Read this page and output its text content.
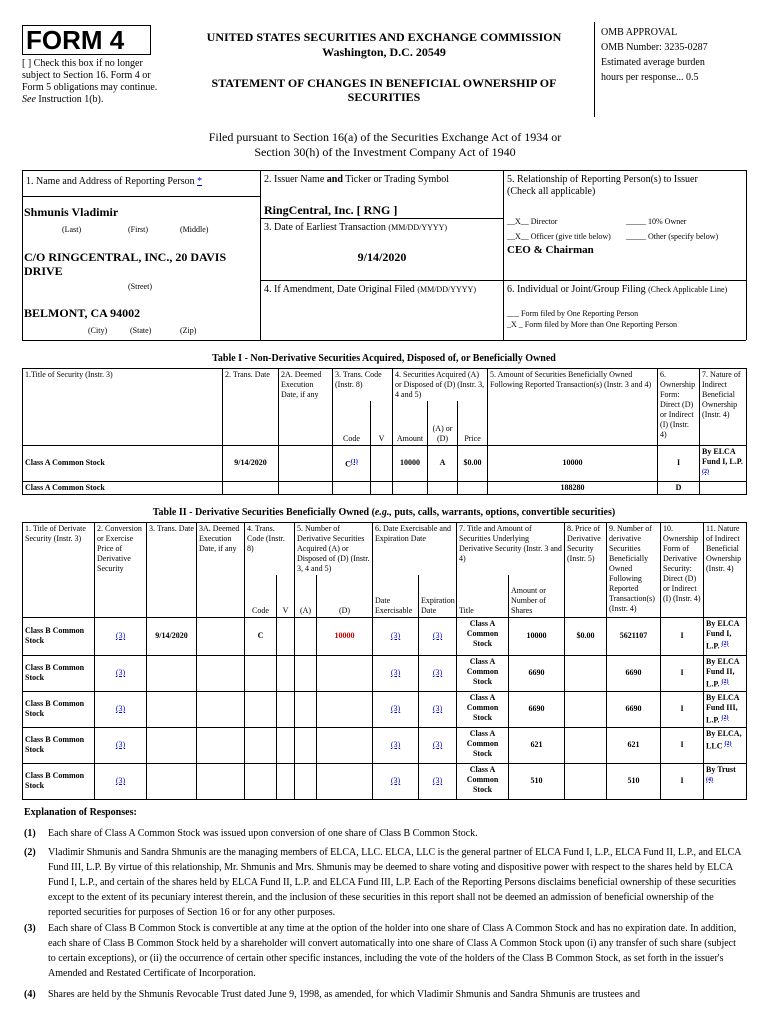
FORM 4
[ ] Check this box if no longer subject to Section 16. Form 4 or Form 5 obligations may continue. See Instruction 1(b).
UNITED STATES SECURITIES AND EXCHANGE COMMISSION
Washington, D.C. 20549
STATEMENT OF CHANGES IN BENEFICIAL OWNERSHIP OF SECURITIES
OMB APPROVAL
OMB Number: 3235-0287
Estimated average burden
hours per response... 0.5
Filed pursuant to Section 16(a) of the Securities Exchange Act of 1934 or
Section 30(h) of the Investment Company Act of 1940
1. Name and Address of Reporting Person *
Shmunis Vladimir
(Last)	(First)	(Middle)
C/O RINGCENTRAL, INC., 20 DAVIS DRIVE
(Street)
BELMONT, CA 94002
(City)	(State)	(Zip)
2. Issuer Name and Ticker or Trading Symbol
RingCentral, Inc. [ RNG ]
3. Date of Earliest Transaction (MM/DD/YYYY)
9/14/2020
4. If Amendment, Date Original Filed (MM/DD/YYYY)
5. Relationship of Reporting Person(s) to Issuer
(Check all applicable)
__X__ Director	_____ 10% Owner
__X__ Officer (give title below) _____ Other (specify below)
CEO & Chairman
6. Individual or Joint/Group Filing (Check Applicable Line)
___ Form filed by One Reporting Person
_X _ Form filed by More than One Reporting Person
Table I - Non-Derivative Securities Acquired, Disposed of, or Beneficially Owned
1.Title of Security (Instr. 3)	2. Trans. Date	2A. Deemed Execution Date, if any	3. Trans. Code (Instr. 8)		4. Securities Acquired (A) or Disposed of (D) (Instr. 3, 4 and 5)			5. Amount of Securities Beneficially Owned Following Reported Transaction(s) (Instr. 3 and 4)	6. Ownership Form: Direct (D) or Indirect (I) (Instr. 4)	7. Nature of Indirect Beneficial Ownership (Instr. 4)
			Code	V	Amount	(A) or (D)	Price			
Class A Common Stock	9/14/2020		$C^{(1)}$		10000	A	$0.00	10000	I	By ELCA Fund I, L.P. $^{(2)}$
Class A Common Stock								188280	D	
Table II - Derivative Securities Beneficially Owned (e.g., puts, calls, warrants, options, convertible securities)
1. Title of Derivate Security (Instr. 3)	2. Conversion or Exercise Price of Derivative Security	3. Trans. Date	3A. Deemed Execution Date, if any	4. Trans. Code (Instr. 8)		5. Number of Derivative Securities Acquired (A) or Disposed of (D) (Instr. 3, 4 and 5)		6. Date Exercisable and Expiration Date		7. Title and Amount of Securities Underlying Derivative Security (Instr. 3 and 4)		8. Price of Derivative Security (Instr. 5)	9. Number of derivative Securities Beneficially Owned Following Reported Transaction(s) (Instr. 4)	10. Ownership Form of Derivative Security: Direct (D) or Indirect (I) (Instr. 4)	11. Nature of Indirect Beneficial Ownership (Instr. 4)
				Code	V	(A)	(D)	Date Exercisable	Expiration Date	Title	Amount or Number of Shares				
Class B Common Stock	(3)	9/14/2020		C			10000	(3)	(3)	Class A Common Stock	10000	$0.00	5621107	I	By ELCA Fund I, L.P. $^{(2)}$
Class B Common Stock	(3)							(3)	(3)	Class A Common Stock	6690		6690	I	By ELCA Fund II, L.P. $^{(2)}$
Class B Common Stock	(3)							(3)	(3)	Class A Common Stock	6690		6690	I	By ELCA Fund III, L.P. $^{(2)}$
Class B Common Stock	(3)							(3)	(3)	Class A Common Stock	621		621	I	By ELCA, LLC $^{(2)}$
Class B Common Stock	(3)							(3)	(3)	Class A Common Stock	510		510	I	By Trust $^{(4)}$
Explanation of Responses:
(1) Each share of Class A Common Stock was issued upon conversion of one share of Class B Common Stock.
(2) Vladimir Shmunis and Sandra Shmunis are the managing members of ELCA, LLC. ELCA, LLC is the general partner of ELCA Fund I, L.P., ELCA Fund II, L.P., and ELCA Fund III, L.P. By virtue of this relationship, Mr. Shmunis and Mrs. Shmunis may be deemed to share voting and dispositive power with respect to the shares held by ELCA Fund I, L.P., and certain of the shares held by ELCA Fund II, L.P. and ELCA Fund III, L.P. Each of the Reporting Persons disclaims beneficial ownership of these securities except to the extent of its pecuniary interest therein, and the inclusion of these securities in this report shall not be deemed an admission of beneficial ownership of the reported securities for purposes of Section 16 or for any other purposes.
(3) Each share of Class B Common Stock is convertible at any time at the option of the holder into one share of Class A Common Stock and has no expiration date. In addition, each share of Class B Common Stock held by a shareholder will convert automatically into one share of Class A Common Stock upon (i) any transfer of such share (subject to certain exceptions), or (ii) the occurrence of certain other specific instances, including the vote of the holders of the Class B Common Stock, as set forth in the issuer's Amended and Restated Certificate of Incorporation.
(4) Shares are held by the Shmunis Revocable Trust dated June 9, 1998, as amended, for which Vladimir Shmunis and Sandra Shmunis are trustees and
